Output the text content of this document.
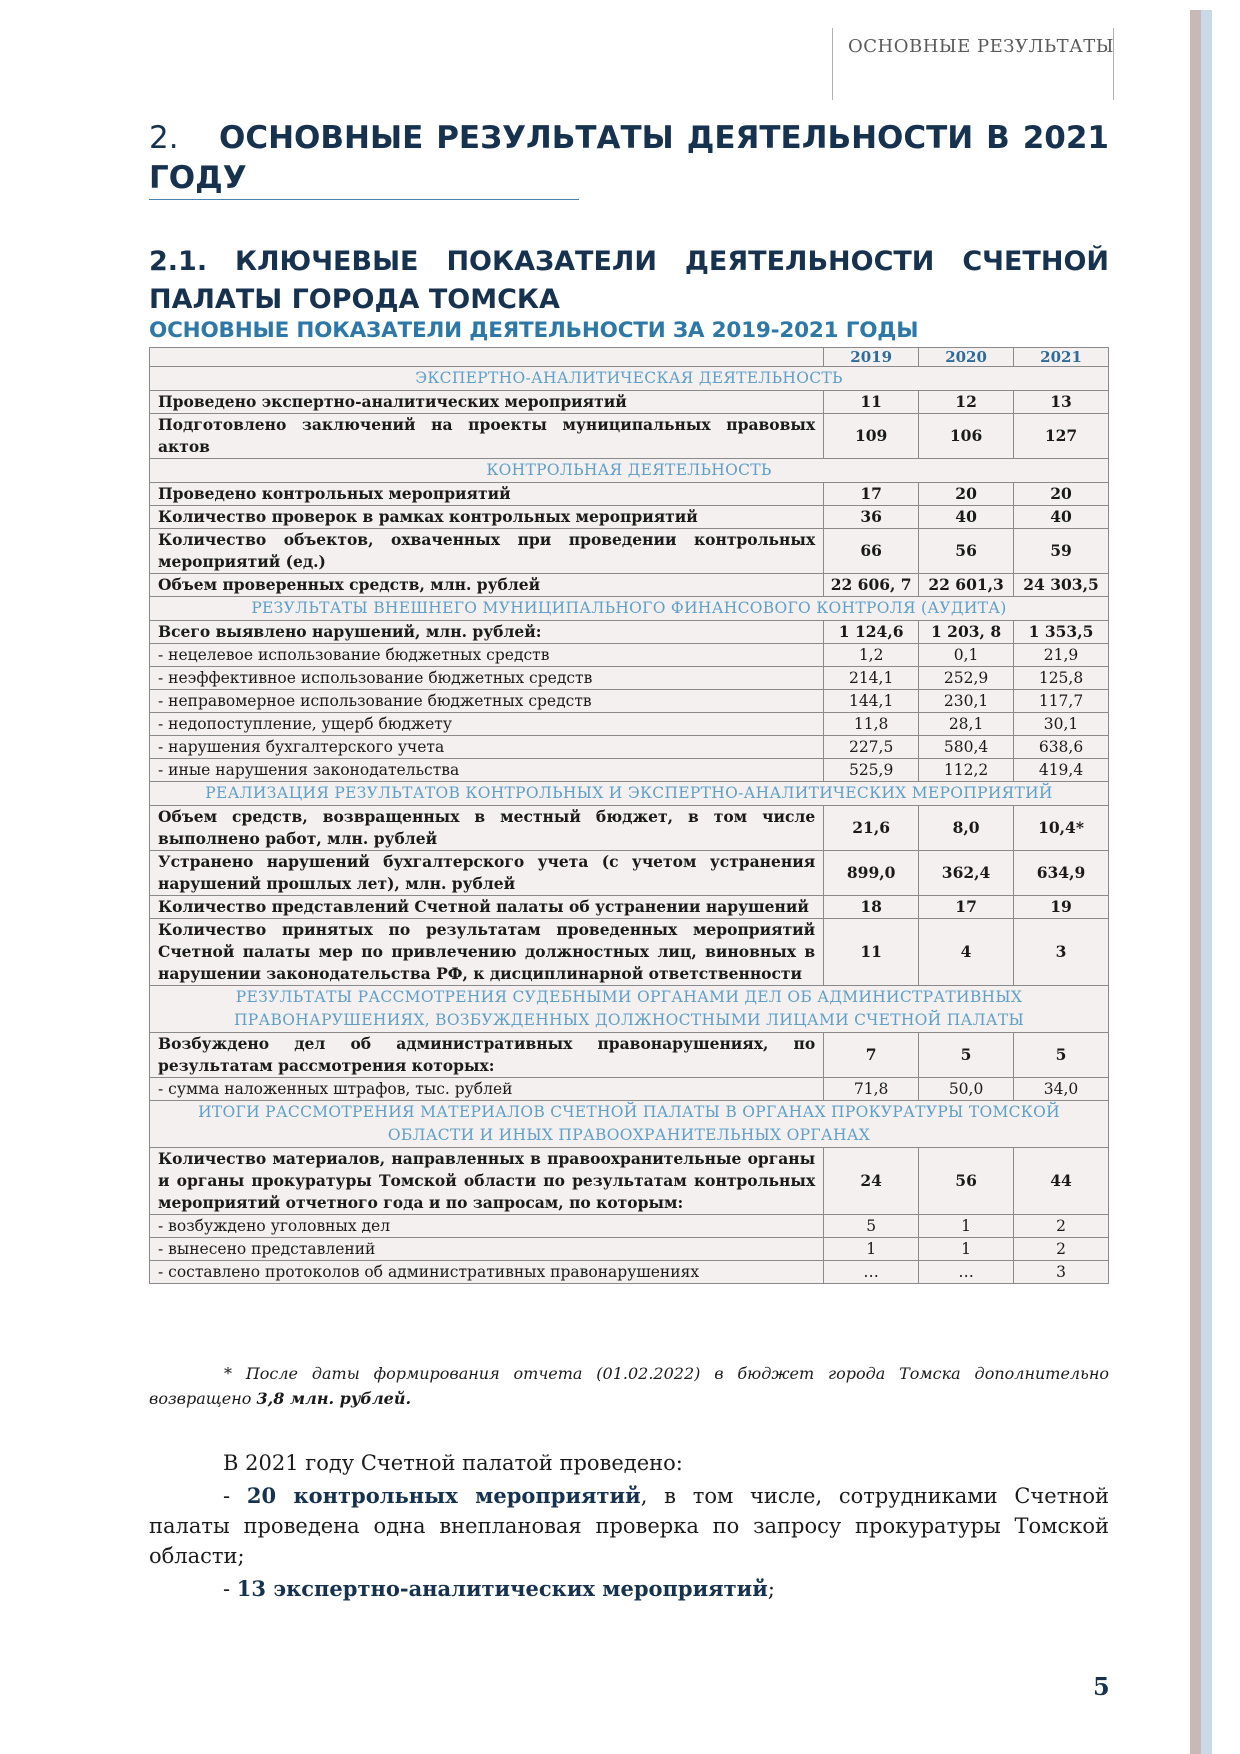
ОСНОВНЫЕ РЕЗУЛЬТАТЫ
2. ОСНОВНЫЕ РЕЗУЛЬТАТЫ ДЕЯТЕЛЬНОСТИ В 2021 ГОДУ
2.1. КЛЮЧЕВЫЕ ПОКАЗАТЕЛИ ДЕЯТЕЛЬНОСТИ СЧЕТНОЙ ПАЛАТЫ ГОРОДА ТОМСКА
ОСНОВНЫЕ ПОКАЗАТЕЛИ ДЕЯТЕЛЬНОСТИ ЗА 2019-2021 ГОДЫ
	2019	2020	2021
ЭКСПЕРТНО-АНАЛИТИЧЕСКАЯ ДЕЯТЕЛЬНОСТЬ			
Проведено экспертно-аналитических мероприятий	11	12	13
Подготовлено заключений на проекты муниципальных правовых актов	109	106	127
КОНТРОЛЬНАЯ ДЕЯТЕЛЬНОСТЬ			
Проведено контрольных мероприятий	17	20	20
Количество проверок в рамках контрольных мероприятий	36	40	40
Количество объектов, охваченных при проведении контрольных мероприятий (ед.)	66	56	59
Объем проверенных средств, млн. рублей	22 606, 7	22 601,3	24 303,5
РЕЗУЛЬТАТЫ ВНЕШНЕГО МУНИЦИПАЛЬНОГО ФИНАНСОВОГО КОНТРОЛЯ (АУДИТА)			
Всего выявлено нарушений, млн. рублей:	1 124,6	1 203, 8	1 353,5
- нецелевое использование бюджетных средств	1,2	0,1	21,9
- неэффективное использование бюджетных средств	214,1	252,9	125,8
- неправомерное использование бюджетных средств	144,1	230,1	117,7
- недопоступление, ущерб бюджету	11,8	28,1	30,1
- нарушения бухгалтерского учета	227,5	580,4	638,6
- иные нарушения законодательства	525,9	112,2	419,4
РЕАЛИЗАЦИЯ РЕЗУЛЬТАТОВ КОНТРОЛЬНЫХ И ЭКСПЕРТНО-АНАЛИТИЧЕСКИХ МЕРОПРИЯТИЙ			
Объем средств, возвращенных в местный бюджет, в том числе выполнено работ, млн. рублей	21,6	8,0	10,4*
Устранено нарушений бухгалтерского учета (с учетом устранения нарушений прошлых лет), млн. рублей	899,0	362,4	634,9
Количество представлений Счетной палаты об устранении нарушений	18	17	19
Количество принятых по результатам проведенных мероприятий Счетной палаты мер по привлечению должностных лиц, виновных в нарушении законодательства РФ, к дисциплинарной ответственности	11	4	3
РЕЗУЛЬТАТЫ РАССМОТРЕНИЯ СУДЕБНЫМИ ОРГАНАМИ ДЕЛ ОБ АДМИНИСТРАТИВНЫХ ПРАВОНАРУШЕНИЯХ, ВОЗБУЖДЕННЫХ ДОЛЖНОСТНЫМИ ЛИЦАМИ СЧЕТНОЙ ПАЛАТЫ			
Возбуждено дел об административных правонарушениях, по результатам рассмотрения которых:	7	5	5
- сумма наложенных штрафов, тыс. рублей	71,8	50,0	34,0
ИТОГИ РАССМОТРЕНИЯ МАТЕРИАЛОВ СЧЕТНОЙ ПАЛАТЫ В ОРГАНАХ ПРОКУРАТУРЫ ТОМСКОЙ ОБЛАСТИ И ИНЫХ ПРАВООХРАНИТЕЛЬНЫХ ОРГАНАХ			
Количество материалов, направленных в правоохранительные органы и органы прокуратуры Томской области по результатам контрольных мероприятий отчетного года и по запросам, по которым:	24	56	44
- возбуждено уголовных дел	5	1	2
- вынесено представлений	1	1	2
- составлено протоколов об административных правонарушениях	…	…	3
* После даты формирования отчета (01.02.2022) в бюджет города Томска дополнительно возвращено 3,8 млн. рублей.

В 2021 году Счетной палатой проведено:

- 20 контрольных мероприятий, в том числе, сотрудниками Счетной палаты проведена одна внеплановая проверка по запросу прокуратуры Томской области;

- 13 экспертно-аналитических мероприятий;

5
